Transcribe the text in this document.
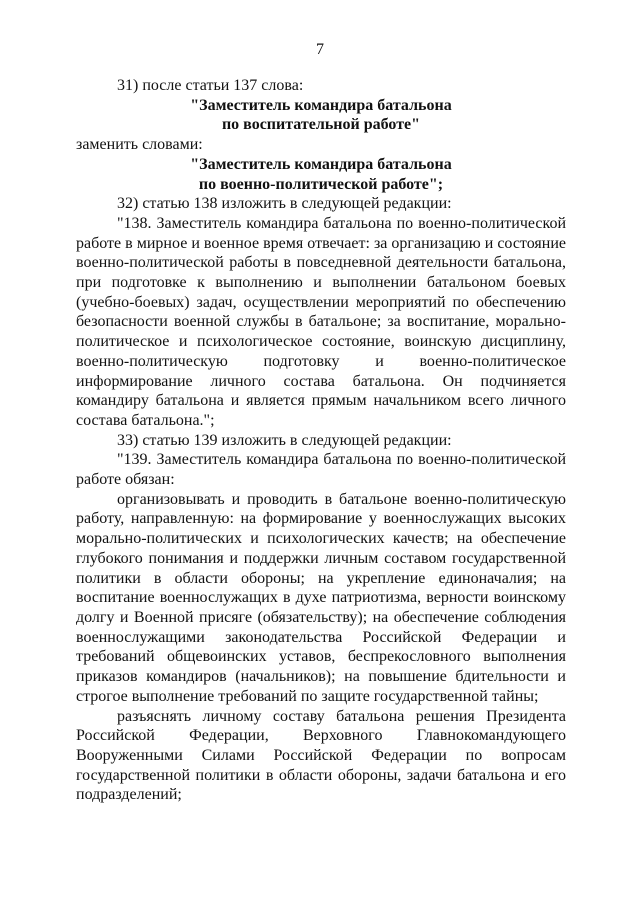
7

31) после статьи 137 слова:

"Заместитель командира батальона

по воспитательной работе"

заменить словами:

"Заместитель командира батальона

по военно-политической работе";

32) статью 138 изложить в следующей редакции:

"138. Заместитель командира батальона по военно-политической работе в мирное и военное время отвечает: за организацию и состояние военно-политической работы в повседневной деятельности батальона, при подготовке к выполнению и выполнении батальоном боевых (учебно-боевых) задач, осуществлении мероприятий по обеспечению безопасности военной службы в батальоне; за воспитание, морально-политическое и психологическое состояние, воинскую дисциплину, военно-политическую подготовку и военно-политическое информирование личного состава батальона. Он подчиняется командиру батальона и является прямым начальником всего личного состава батальона.";

33) статью 139 изложить в следующей редакции:

"139. Заместитель командира батальона по военно-политической работе обязан:

организовывать и проводить в батальоне военно-политическую работу, направленную: на формирование у военнослужащих высоких морально-политических и психологических качеств; на обеспечение глубокого понимания и поддержки личным составом государственной политики в области обороны; на укрепление единоначалия; на воспитание военнослужащих в духе патриотизма, верности воинскому долгу и Военной присяге (обязательству); на обеспечение соблюдения военнослужащими законодательства Российской Федерации и требований общевоинских уставов, беспрекословного выполнения приказов командиров (начальников); на повышение бдительности и строгое выполнение требований по защите государственной тайны;

разъяснять личному составу батальона решения Президента Российской Федерации, Верховного Главнокомандующего Вооруженными Силами Российской Федерации по вопросам государственной политики в области обороны, задачи батальона и его подразделений;
